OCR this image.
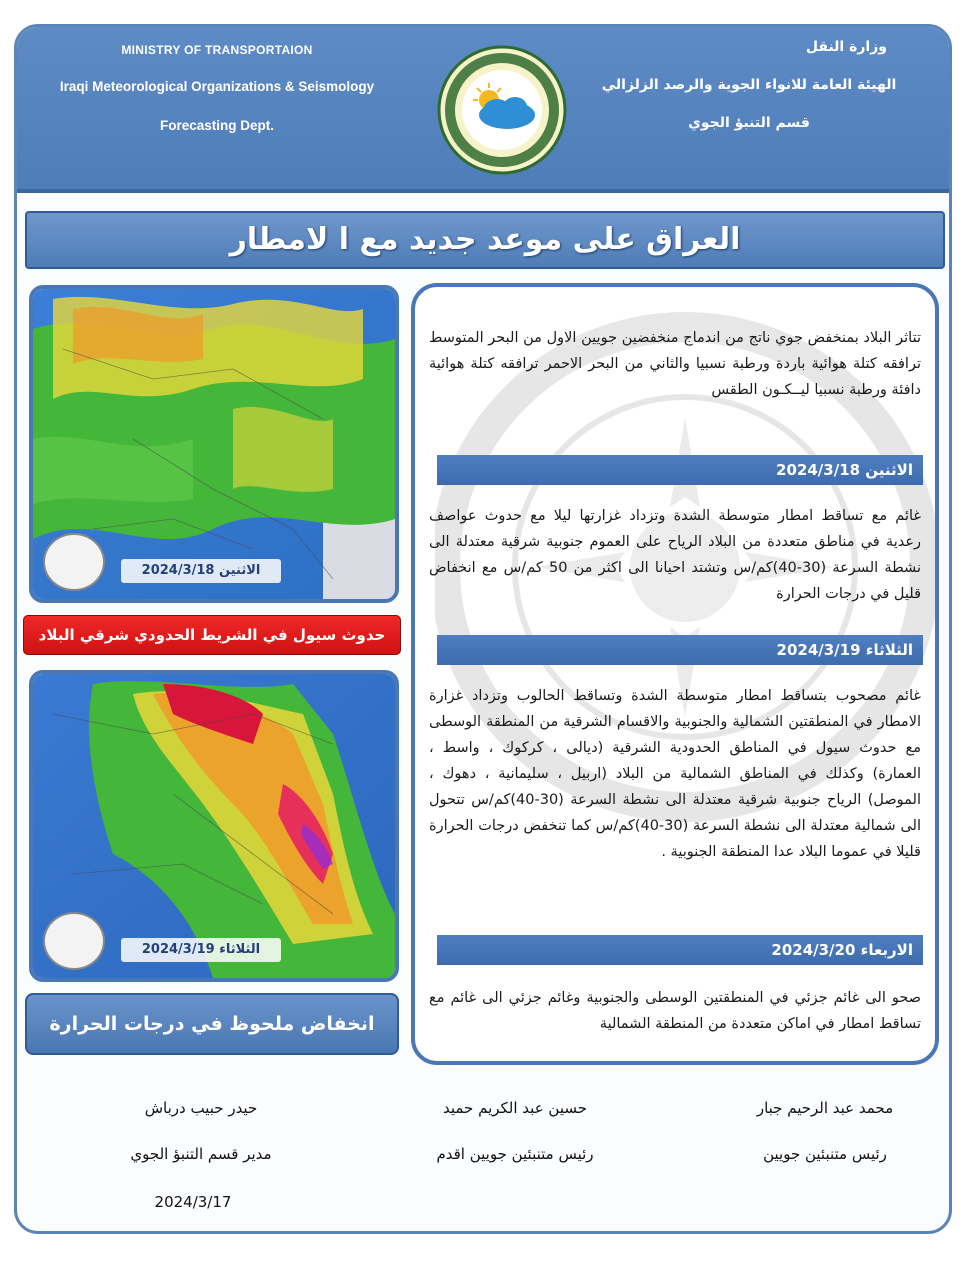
MINISTRY OF TRANSPORTAION
Iraqi Meteorological Organizations & Seismology
Forecasting Dept.
وزارة النقل
الهيئة العامة للانواء الجوية والرصد الزلزالي
قسم التنبؤ الجوي
العراق على موعد جديد مع ا لامطار
الاثنين 2024/3/18
حدوث سيول في الشريط الحدودي شرقي البلاد
الثلاثاء 2024/3/19
انخفاض ملحوظ في درجات الحرارة
تتاثر البلاد بمنخفض جوي ناتج من اندماج منخفضين جويين الاول من البحر المتوسط ترافقه كتلة هوائية باردة ورطبة نسبيا والثاني من البحر الاحمر ترافقه كتلة هوائية دافئة ورطبة نسبيا ليــكـون الطقس
الاثنين 2024/3/18
غائم مع تساقط امطار متوسطة الشدة وتزداد غزارتها ليلا مع حدوث عواصف رعدية في مناطق متعددة من البلاد الرياح على العموم جنوبية شرقية معتدلة الى نشطة السرعة (30-40)كم/س وتشتد احيانا الى اكثر من 50 كم/س مع انخفاض قليل في درجات الحرارة
الثلاثاء 2024/3/19
غائم مصحوب بتساقط امطار متوسطة الشدة وتساقط الحالوب وتزداد غزارة الامطار في المنطقتين الشمالية والجنوبية والاقسام الشرقية من المنطقة الوسطى مع حدوث سيول في المناطق الحدودية الشرقية (ديالى ، كركوك ، واسط ، العمارة) وكذلك في المناطق الشمالية من البلاد (اربيل ، سليمانية ، دهوك ، الموصل) الرياح جنوبية شرقية معتدلة الى نشطة السرعة (30-40)كم/س تتحول الى شمالية معتدلة الى نشطة السرعة (30-40)كم/س كما تنخفض درجات الحرارة قليلا في عموما البلاد عدا المنطقة الجنوبية .
الاربعاء 2024/3/20
صحو الى غائم جزئي في المنطقتين الوسطى والجنوبية وغائم جزئي الى غائم مع تساقط امطار في اماكن متعددة من المنطقة الشمالية
محمد عبد الرحيم جبار
رئيس متنبئين جويين
حسين عبد الكريم حميد
رئيس متنبئين جويين اقدم
حيدر حبيب درباش
مدير قسم التنبؤ الجوي
2024/3/17
